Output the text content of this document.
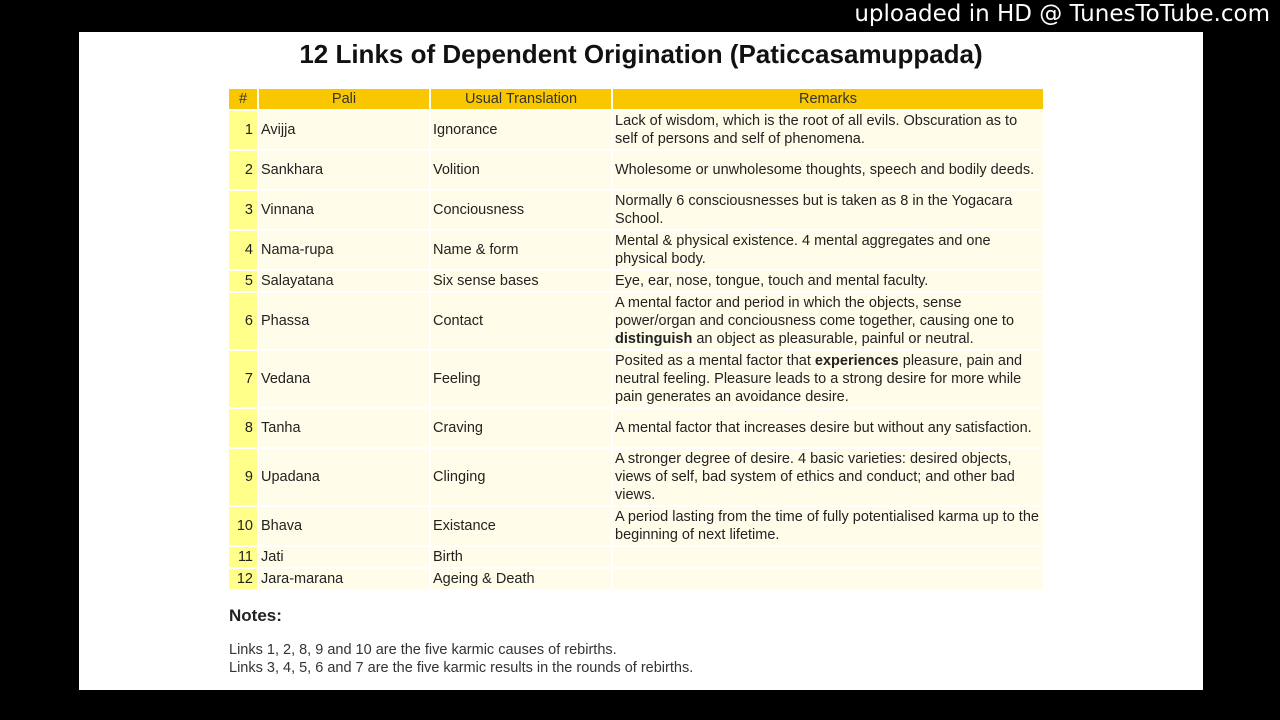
uploaded in HD @ TunesToTube.com
12 Links of Dependent Origination (Paticcasamuppada)
#	Pali	Usual Translation	Remarks
1	Avijja	Ignorance	Lack of wisdom, which is the root of all evils. Obscuration as to self of persons and self of phenomena.
2	Sankhara	Volition	Wholesome or unwholesome thoughts, speech and bodily deeds.
3	Vinnana	Conciousness	Normally 6 consciousnesses but is taken as 8 in the Yogacara School.
4	Nama-rupa	Name & form	Mental & physical existence. 4 mental aggregates and one physical body.
5	Salayatana	Six sense bases	Eye, ear, nose, tongue, touch and mental faculty.
6	Phassa	Contact	A mental factor and period in which the objects, sense power/organ and conciousness come together, causing one to distinguish an object as pleasurable, painful or neutral.
7	Vedana	Feeling	Posited as a mental factor that experiences pleasure, pain and neutral feeling. Pleasure leads to a strong desire for more while pain generates an avoidance desire.
8	Tanha	Craving	A mental factor that increases desire but without any satisfaction.
9	Upadana	Clinging	A stronger degree of desire. 4 basic varieties: desired objects, views of self, bad system of ethics and conduct; and other bad views.
10	Bhava	Existance	A period lasting from the time of fully potentialised karma up to the beginning of next lifetime.
11	Jati	Birth	
12	Jara-marana	Ageing & Death	
Notes:
Links 1, 2, 8, 9 and 10 are the five karmic causes of rebirths.
Links 3, 4, 5, 6 and 7 are the five karmic results in the rounds of rebirths.
